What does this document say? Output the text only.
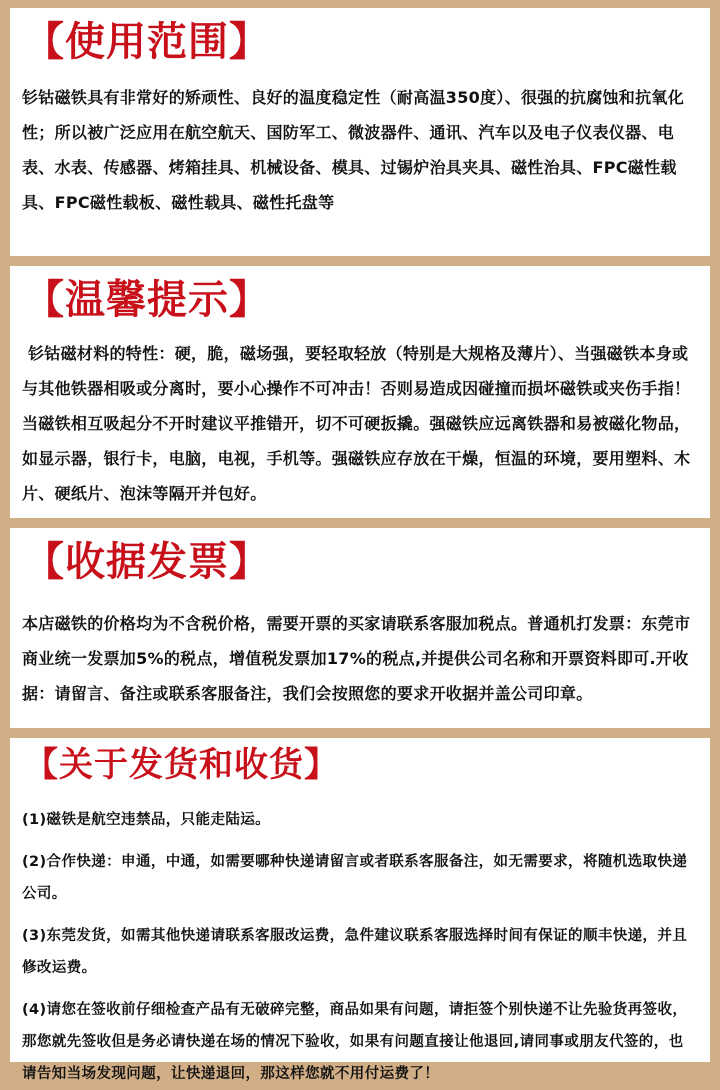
【使用范围】

钐钴磁铁具有非常好的矫顽性、良好的温度稳定性（耐高温350度）、很强的抗腐蚀和抗氧化性；所以被广泛应用在航空航天、国防军工、微波器件、通讯、汽车以及电子仪表仪器、电表、水表、传感器、烤箱挂具、机械设备、模具、过锡炉治具夹具、磁性治具、FPC磁性载具、FPC磁性载板、磁性载具、磁性托盘等

【温馨提示】

钐钴磁材料的特性：硬，脆，磁场强，要轻取轻放（特别是大规格及薄片）、当强磁铁本身或与其他铁器相吸或分离时，要小心操作不可冲击！否则易造成因碰撞而损坏磁铁或夹伤手指！当磁铁相互吸起分不开时建议平推错开，切不可硬扳撬。强磁铁应远离铁器和易被磁化物品，如显示器，银行卡，电脑，电视，手机等。强磁铁应存放在干燥，恒温的环境，要用塑料、木片、硬纸片、泡沫等隔开并包好。

【收据发票】

本店磁铁的价格均为不含税价格，需要开票的买家请联系客服加税点。普通机打发票：东莞市商业统一发票加5%的税点，增值税发票加17%的税点,并提供公司名称和开票资料即可.开收据：请留言、备注或联系客服备注，我们会按照您的要求开收据并盖公司印章。

【关于发货和收货】

(1)磁铁是航空违禁品，只能走陆运。

(2)合作快递：申通，中通，如需要哪种快递请留言或者联系客服备注，如无需要求，将随机选取快递公司。

(3)东莞发货，如需其他快递请联系客服改运费，急件建议联系客服选择时间有保证的顺丰快递，并且修改运费。

(4)请您在签收前仔细检查产品有无破碎完整，商品如果有问题，请拒签个别快递不让先验货再签收，那您就先签收但是务必请快递在场的情况下验收，如果有问题直接让他退回,请同事或朋友代签的，也请告知当场发现问题，让快递退回，那这样您就不用付运费了！
